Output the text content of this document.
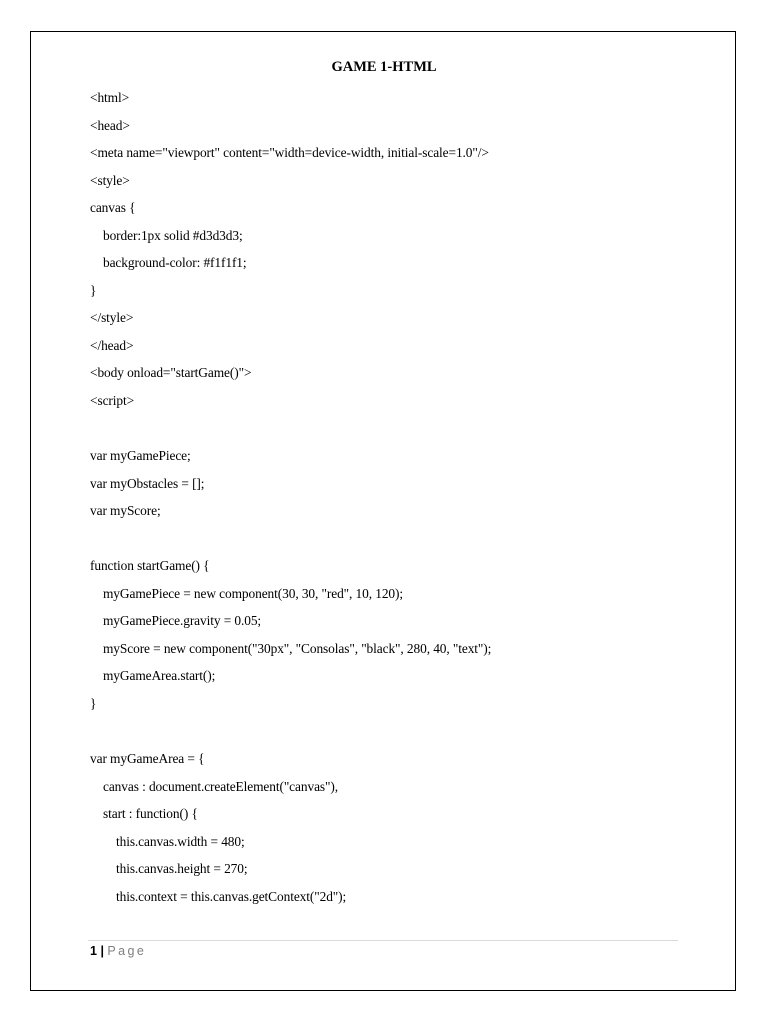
GAME 1-HTML
<html>
<head>
<meta name="viewport" content="width=device-width, initial-scale=1.0"/>
<style>
canvas {
border:1px solid #d3d3d3;
background-color: #f1f1f1;
}
</style>
</head>
<body onload="startGame()">
<script>
var myGamePiece;
var myObstacles = [];
var myScore;
function startGame() {
myGamePiece = new component(30, 30, "red", 10, 120);
myGamePiece.gravity = 0.05;
myScore = new component("30px", "Consolas", "black", 280, 40, "text");
myGameArea.start();
}
var myGameArea = {
canvas : document.createElement("canvas"),
start : function() {
this.canvas.width = 480;
this.canvas.height = 270;
this.context = this.canvas.getContext("2d");
1 | Page
